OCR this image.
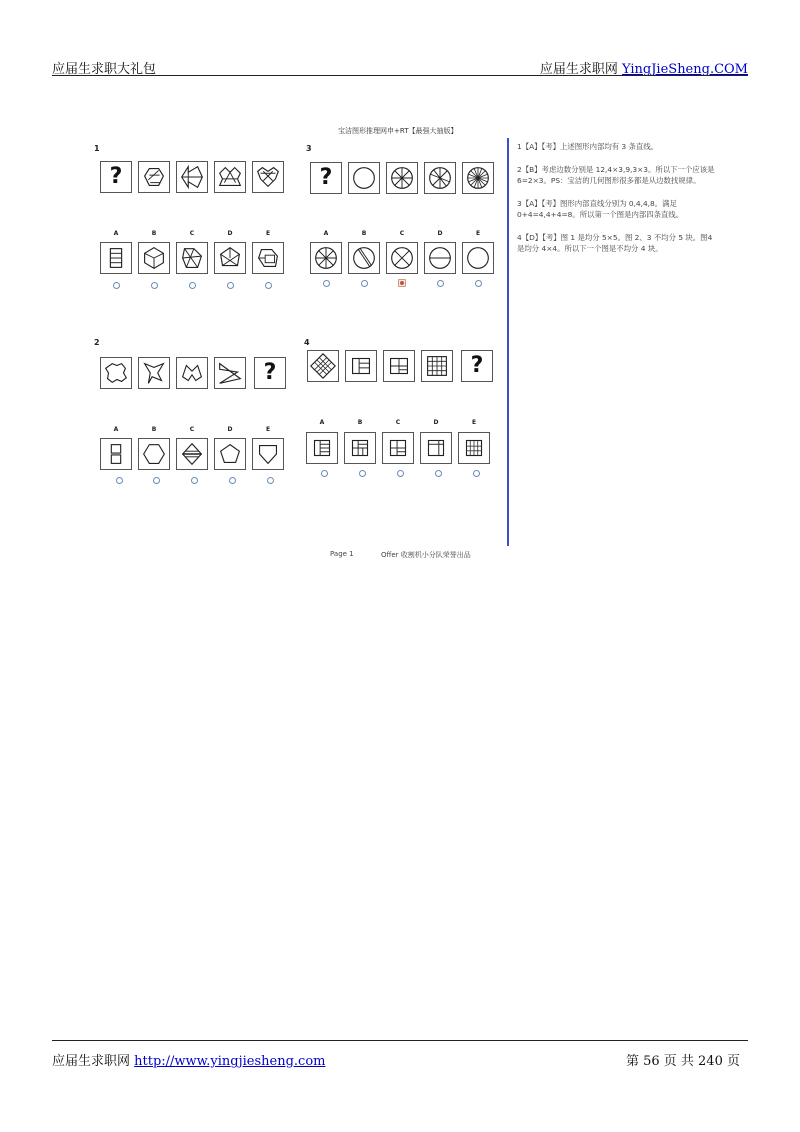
应届生求职大礼包	应届生求职网 YingJieSheng.COM
宝洁图形推理网申+RT【最强大抽版】
1
?
A	B	C	D	E
3
?
A	B	C	D	E
2
?
A	B	C	D	E
4
?
A	B	C	D	E

1【A】【考】上述图形内部均有 3 条直线。

2【B】考虑边数分别是 12,4×3,9,3×3。所以下一个应该是 6=2×3。PS：宝洁的几何图形很多都是从边数找规律。

3【A】【考】图形内部直线分别为 0,4,4,8。满足 0+4=4,4+4=8。所以第一个图是内部四条直线。

4【D】【考】图 1 是均分 5×5。图 2、3 不均分 5 块。图4 是均分 4×4。所以下一个图是不均分 4 块。

Page 1	Offer 收割机小分队荣誉出品
应届生求职网 http://www.yingjiesheng.com	第 56 页 共 240 页
